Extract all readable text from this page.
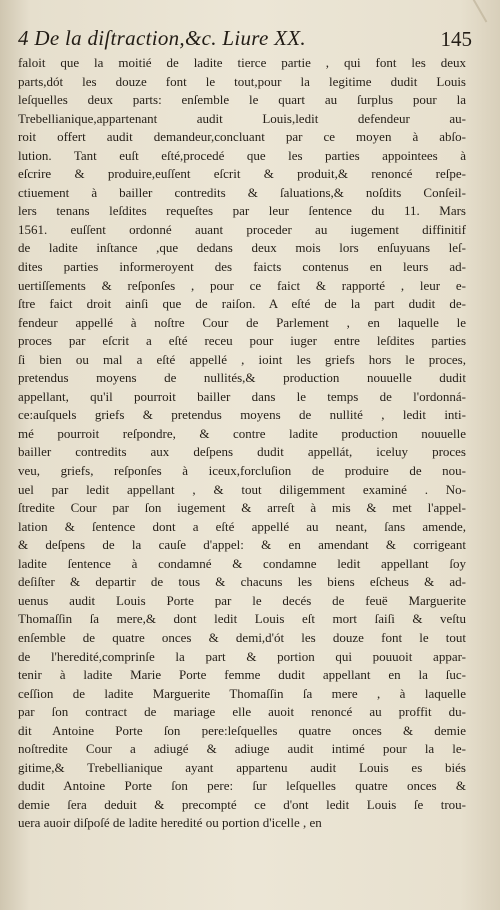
4 De la diſtraction,&c. Liure XX.	145
faloit que la moitié de ladite tierce partie , qui font les deux
parts,dót les douze font le tout,pour la legitime dudit Louis
leſquelles deux parts: enſemble le quart au ſurplus pour la
Trebellianique,appartenant audit Louis,ledit defendeur au-
roit offert audit demandeur,concluant par ce moyen à abſo-
lution. Tant euſt eſté,procedé que les parties appointees à
eſcrire & produire,euſſent eſcrit & produit,& renoncé reſpe-
ctiuement à bailler contredits & ſaluations,& noſdits Conſeil-
lers tenans leſdites requeſtes par leur ſentence du 11. Mars
1561. euſſent ordonné auant proceder au iugement diffinitif
de ladite inſtance ,que dedans deux mois lors enſuyuans leſ-
dites parties informeroyent des faicts contenus en leurs ad-
uertiſſements & reſponſes , pour ce faict & rapporté , leur e-
ſtre faict droit ainſi que de raiſon. A eſté de la part dudit de-
fendeur appellé à noſtre Cour de Parlement , en laquelle le
proces par eſcrit a eſté receu pour iuger entre leſdites parties
ſi bien ou mal a eſté appellé , ioint les griefs hors le proces,
pretendus moyens de nullités,& production nouuelle dudit
appellant, qu'il pourroit bailler dans le temps de l'ordonná-
ce:auſquels griefs & pretendus moyens de nullité , ledit inti-
mé pourroit reſpondre, & contre ladite production nouuelle
bailler contredits aux deſpens dudit appellát, iceluy proces
veu, griefs, reſponſes à iceux,forcluſion de produire de nou-
uel par ledit appellant , & tout diligemment examiné . No-
ſtredite Cour par ſon iugement & arreſt à mis & met l'appel-
lation & ſentence dont a eſté appellé au neant, ſans amende,
& deſpens de la cauſe d'appel: & en amendant & corrigeant
ladite ſentence à condamné & condamne ledit appellant ſoy
deſiſter & departir de tous & chacuns les biens eſcheus & ad-
uenus audit Louis Porte par le decés de feuë Marguerite
Thomaſſin ſa mere,& dont ledit Louis eſt mort ſaiſi & veſtu
enſemble de quatre onces & demi,d'ót les douze font le tout
de l'heredité,comprinſe la part & portion qui pouuoit appar-
tenir à ladite Marie Porte femme dudit appellant en la ſuc-
ceſſion de ladite Marguerite Thomaſſin ſa mere , à laquelle
par ſon contract de mariage elle auoit renoncé au proffit du-
dit Antoine Porte ſon pere:leſquelles quatre onces & demie
noſtredite Cour a adiugé & adiuge audit intimé pour la le-
gitime,& Trebellianique ayant appartenu audit Louis es biés
dudit Antoine Porte ſon pere: ſur leſquelles quatre onces &
demie ſera deduit & precompté ce d'ont ledit Louis ſe trou-
uera auoir diſpoſé de ladite heredité ou portion d'icelle , en
